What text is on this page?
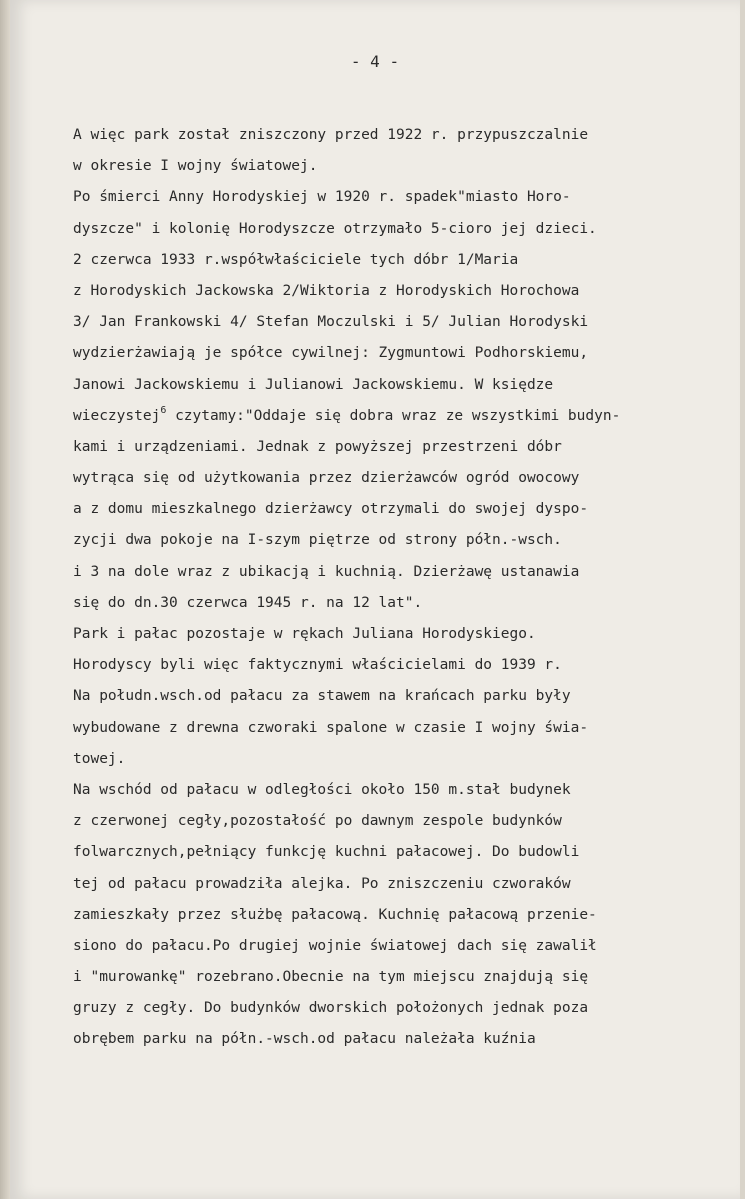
- 4 -
A więc park został zniszczony przed 1922 r. przypuszczalnie
w okresie I wojny światowej.
Po śmierci Anny Horodyskiej w 1920 r. spadek"miasto Horo-
dyszcze" i kolonię Horodyszcze otrzymało 5-cioro jej dzieci.
2 czerwca 1933 r.współwłaściciele tych dóbr 1/Maria
z Horodyskich Jackowska 2/Wiktoria z Horodyskich Horochowa
3/ Jan Frankowski 4/ Stefan Moczulski i 5/ Julian Horodyski
wydzierżawiają je spółce cywilnej: Zygmuntowi Podhorskiemu,
Janowi Jackowskiemu i Julianowi Jackowskiemu. W księdze
wieczystej$^6$ czytamy:"Oddaje się dobra wraz ze wszystkimi budyn-
kami i urządzeniami. Jednak z powyższej przestrzeni dóbr
wytrąca się od użytkowania przez dzierżawców ogród owocowy
a z domu mieszkalnego dzierżawcy otrzymali do swojej dyspo-
zycji dwa pokoje na I-szym piętrze od strony półn.-wsch.
i 3 na dole wraz z ubikacją i kuchnią. Dzierżawę ustanawia
się do dn.30 czerwca 1945 r. na 12 lat".
Park i pałac pozostaje w rękach Juliana Horodyskiego.
Horodyscy byli więc faktycznymi właścicielami do 1939 r.
Na połudn.wsch.od pałacu za stawem na krańcach parku były
wybudowane z drewna czworaki spalone w czasie I wojny świa-
towej.
Na wschód od pałacu w odległości około 150 m.stał budynek
z czerwonej cegły,pozostałość po dawnym zespole budynków
folwarcznych,pełniący funkcję kuchni pałacowej. Do budowli
tej od pałacu prowadziła alejka. Po zniszczeniu czworaków
zamieszkały przez służbę pałacową. Kuchnię pałacową przenie-
siono do pałacu.Po drugiej wojnie światowej dach się zawalił
i "murowankę" rozebrano.Obecnie na tym miejscu znajdują się
gruzy z cegły. Do budynków dworskich położonych jednak poza
obrębem parku na półn.-wsch.od pałacu należała kuźnia
